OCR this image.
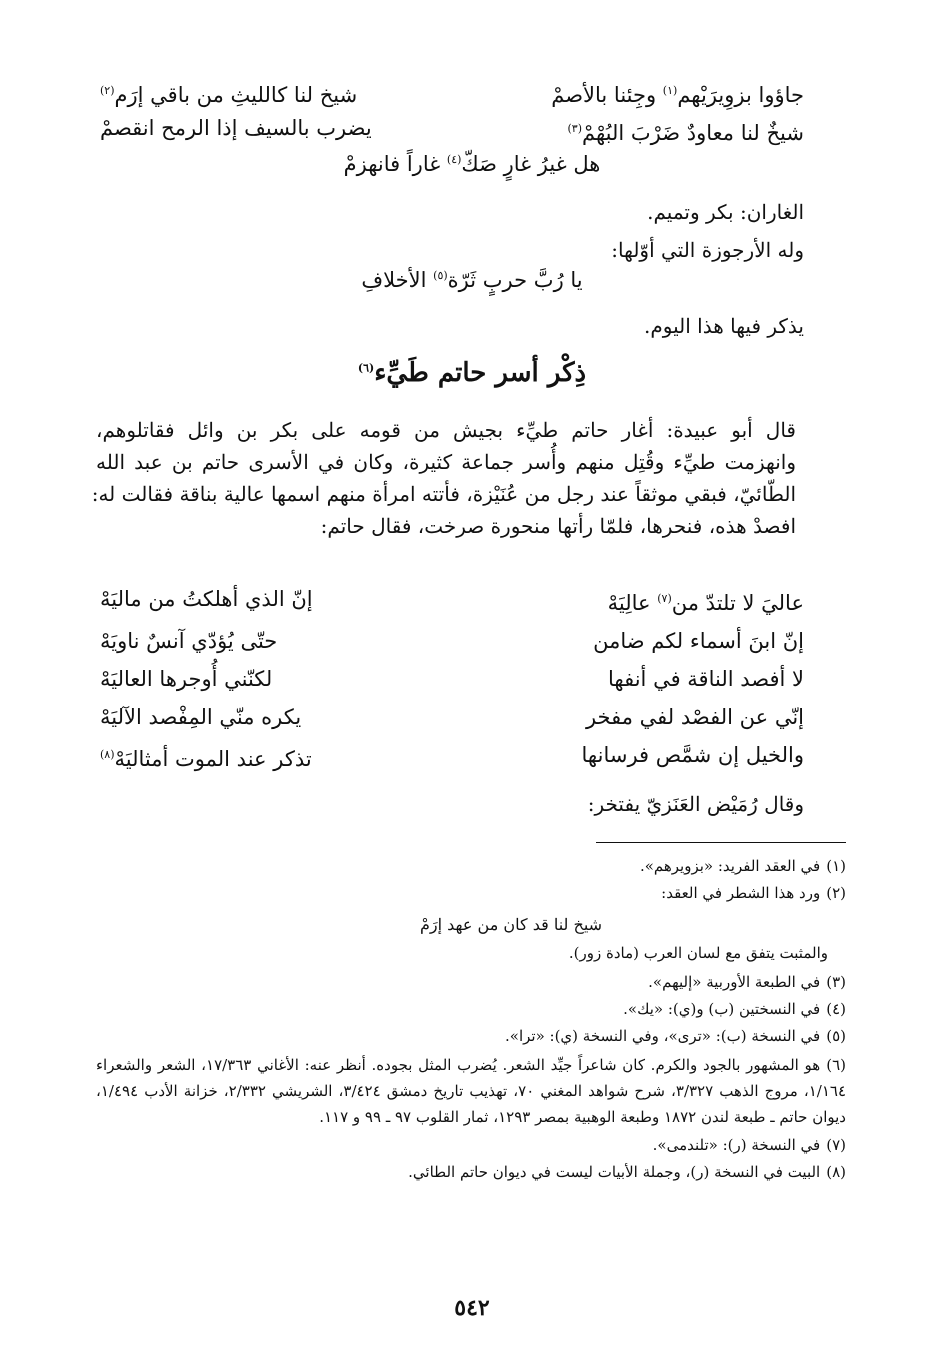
جاؤوا بزوِيرَيْهم$^{(١)}$ وجِئنا بالأصمْ
شيخ لنا كالليثِ من باقي إرَم$^{(٢)}$
شيخٌ لنا معاودٌ ضَرْبَ البُهْمْ$^{(٣)}$
يضرب بالسيف إذا الرمح انقصمْ
هل غيرُ غارٍ صَكّ$^{(٤)}$ غاراً فانهزمْ
الغاران: بكر وتميم.
وله الأرجوزة التي أوّلها:
يا رُبَّ حربٍ ثَرّة$^{(٥)}$ الأخلافِ
يذكر فيها هذا اليوم.
ذِكْر أسر حاتم طَيِّء$^{(٦)}$
قال أبو عبيدة: أغار حاتم طيِّء بجيش من قومه على بكر بن وائل فقاتلوهم،
وانهزمت طيِّء وقُتِل منهم وأُسر جماعة كثيرة، وكان في الأسرى حاتم بن عبد الله
الطّائيّ، فبقي موثقاً عند رجل من عُنَيْزة، فأتته امرأة منهم اسمها عالية بناقة فقالت له:
افصدْ هذه، فنحرها، فلمّا رأتها منحورة صرخت، فقال حاتم:
عاليَ لا تلتدّ من$^{(٧)}$ عالِيَهْ
إنّ الذي أهلكتُ من ماليَهْ
إنّ ابنَ أسماء لكم ضامن
حتّى يُؤدّي آنسٌ ناويَهْ
لا أفصد الناقة في أنفها
لكنّني أُوجرها العاليَهْ
إنّي عن الفصْد لفي مفخر
يكره منّي المِفْصد الآليَهْ
والخيل إن شمَّص فرسانها
تذكر عند الموت أمثاليَهْ$^{(٨)}$
وقال رُمَيْض العَنَزيّ يفتخر:
(١)في العقد الفريد: «بزويرهم».
(٢)ورد هذا الشطر في العقد:
شيخ لنا قد كان من عهد إرَمْ
والمثبت يتفق مع لسان العرب (مادة زور).
(٣)في الطبعة الأوربية «إليهم».
(٤)في النسختين (ب) و(ي): «يك».
(٥)في النسخة (ب): «ترى»، وفي النسخة (ي): «ترا».
(٦)هو المشهور بالجود والكرم. كان شاعراً جيِّد الشعر. يُضرب المثل بجوده. أنظر عنه: الأغاني ١٧/٣٦٣، الشعر والشعراء ١/١٦٤، مروج الذهب ٣/٣٢٧، شرح شواهد المغني ٧٠، تهذيب تاريخ دمشق ٣/٤٢٤، الشريشي ٢/٣٣٢، خزانة الأدب ١/٤٩٤، ديوان حاتم ـ طبعة لندن ١٨٧٢ وطبعة الوهبية بمصر ١٢٩٣، ثمار القلوب ٩٧ ـ ٩٩ و ١١٧.
(٧)في النسخة (ر): «تلندمى».
(٨)البيت في النسخة (ر)، وجملة الأبيات ليست في ديوان حاتم الطائي.
٥٤٢
